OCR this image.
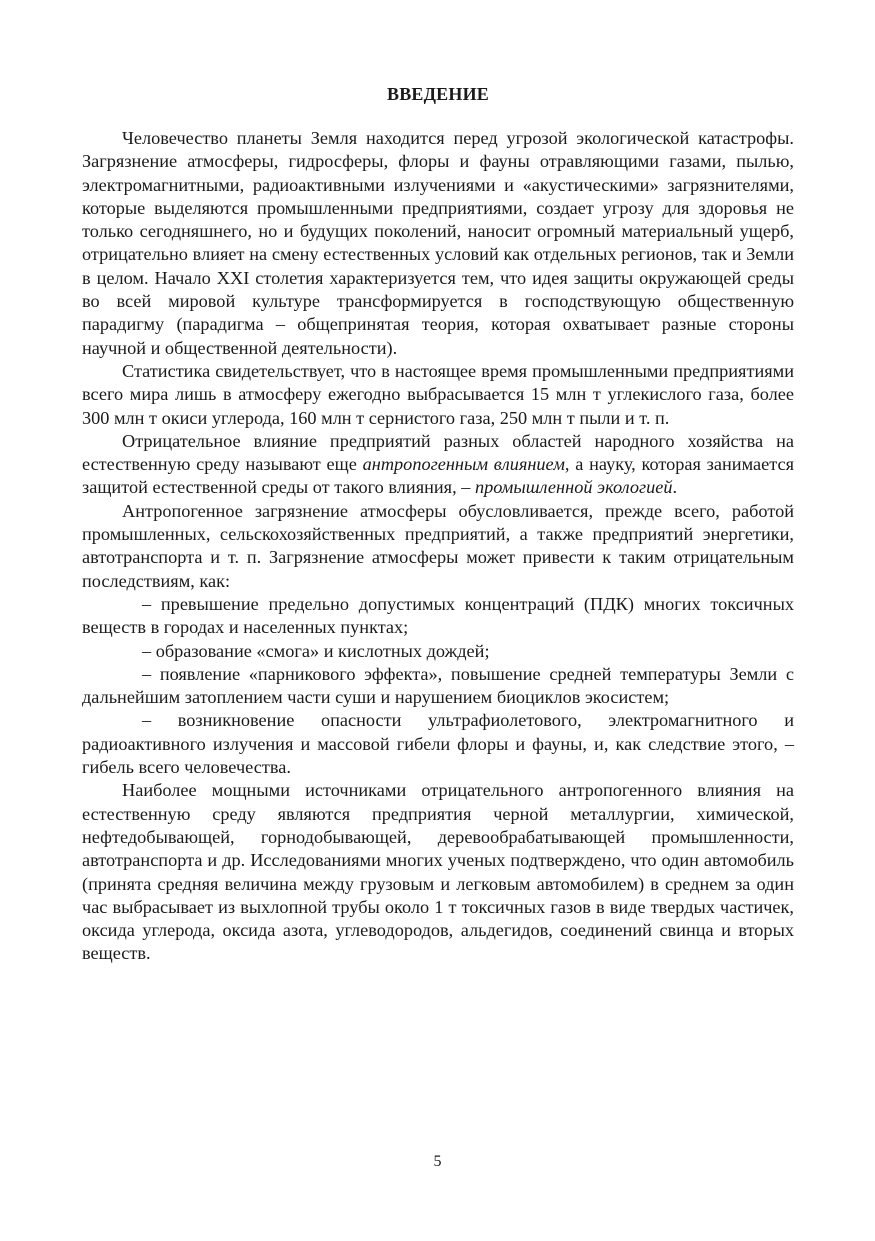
ВВЕДЕНИЕ

Человечество планеты Земля находится перед угрозой экологической катастрофы. Загрязнение атмосферы, гидросферы, флоры и фауны отравляющими газами, пылью, электромагнитными, радиоактивными излучениями и «акустическими» загрязнителями, которые выделяются промышленными предприятиями, создает угрозу для здоровья не только сегодняшнего, но и будущих поколений, наносит огромный материальный ущерб, отрицательно влияет на смену естественных условий как отдельных регионов, так и Земли в целом. Начало XXI столетия характеризуется тем, что идея защиты окружающей среды во всей мировой культуре трансформируется в господствующую общественную парадигму (парадигма – общепринятая теория, которая охватывает разные стороны научной и общественной деятельности).

Статистика свидетельствует, что в настоящее время промышленными предприятиями всего мира лишь в атмосферу ежегодно выбрасывается 15 млн т углекислого газа, более 300 млн т окиси углерода, 160 млн т сернистого газа, 250 млн т пыли и т. п.

Отрицательное влияние предприятий разных областей народного хозяйства на естественную среду называют еще антропогенным влиянием, а науку, которая занимается защитой естественной среды от такого влияния, – промышленной экологией.

Антропогенное загрязнение атмосферы обусловливается, прежде всего, работой промышленных, сельскохозяйственных предприятий, а также предприятий энергетики, автотранспорта и т. п. Загрязнение атмосферы может привести к таким отрицательным последствиям, как:

– превышение предельно допустимых концентраций (ПДК) многих токсичных веществ в городах и населенных пунктах;

– образование «смога» и кислотных дождей;

– появление «парникового эффекта», повышение средней температуры Земли с дальнейшим затоплением части суши и нарушением биоциклов экосистем;

– возникновение опасности ультрафиолетового, электромагнитного и радиоактивного излучения и массовой гибели флоры и фауны, и, как следствие этого, – гибель всего человечества.

Наиболее мощными источниками отрицательного антропогенного влияния на естественную среду являются предприятия черной металлургии, химической, нефтедобывающей, горнодобывающей, деревообрабатывающей промышленности, автотранспорта и др. Исследованиями многих ученых подтверждено, что один автомобиль (принята средняя величина между грузовым и легковым автомобилем) в среднем за один час выбрасывает из выхлопной трубы около 1 т токсичных газов в виде твердых частичек, оксида углерода, оксида азота, углеводородов, альдегидов, соединений свинца и вторых веществ.

5
